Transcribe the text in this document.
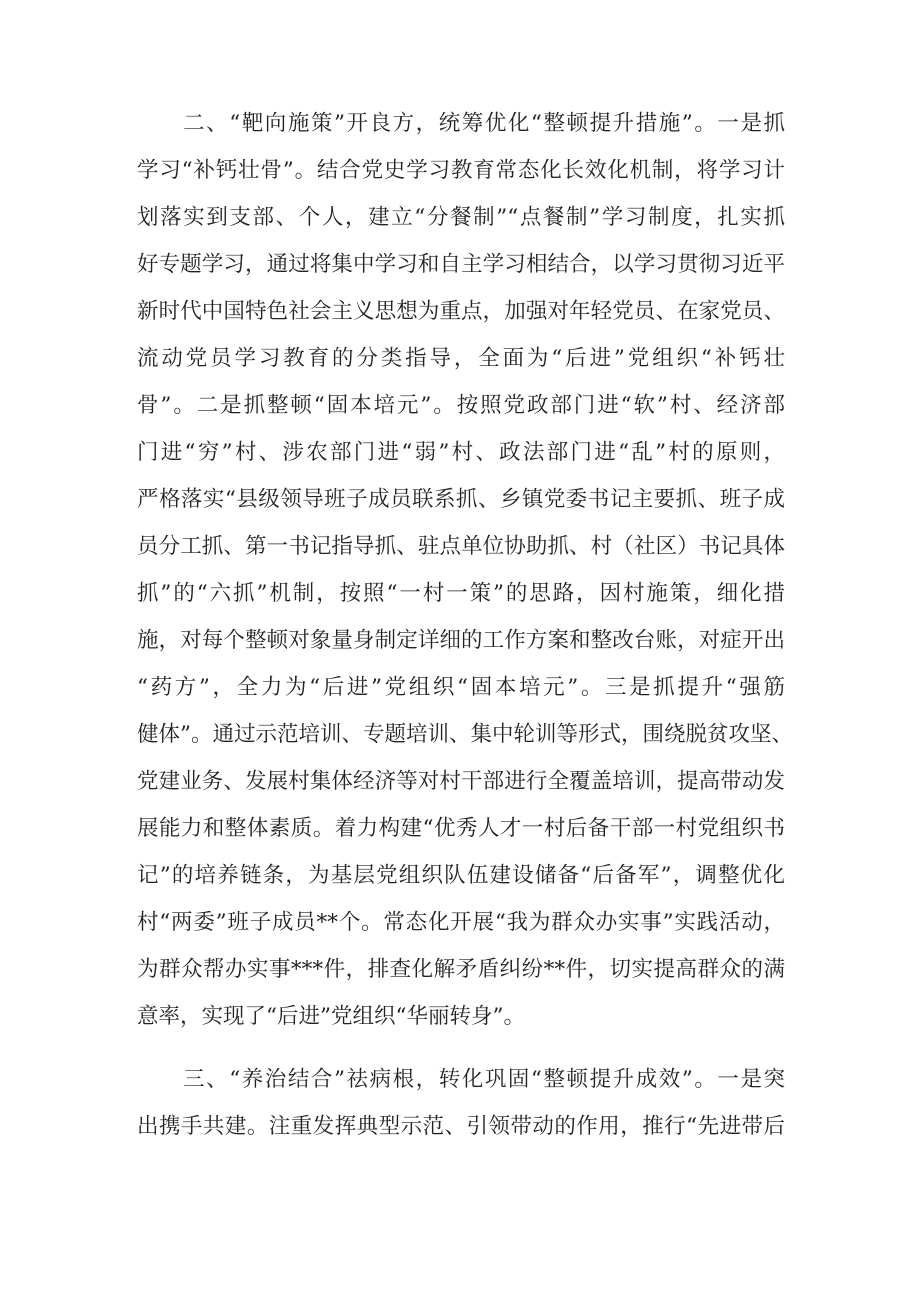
　　二、“靶向施策”开良方，统筹优化“整顿提升措施”。一是抓
学习“补钙壮骨”。结合党史学习教育常态化长效化机制，将学习计
划落实到支部、个人，建立“分餐制”“点餐制”学习制度，扎实抓
好专题学习，通过将集中学习和自主学习相结合，以学习贯彻习近平
新时代中国特色社会主义思想为重点，加强对年轻党员、在家党员、
流动党员学习教育的分类指导，全面为“后进”党组织“补钙壮
骨”。二是抓整顿“固本培元”。按照党政部门进“软”村、经济部
门进“穷”村、涉农部门进“弱”村、政法部门进“乱”村的原则，
严格落实“县级领导班子成员联系抓、乡镇党委书记主要抓、班子成
员分工抓、第一书记指导抓、驻点单位协助抓、村（社区）书记具体
抓”的“六抓”机制，按照“一村一策”的思路，因村施策，细化措
施，对每个整顿对象量身制定详细的工作方案和整改台账，对症开出
“药方”，全力为“后进”党组织“固本培元”。三是抓提升“强筋
健体”。通过示范培训、专题培训、集中轮训等形式，围绕脱贫攻坚、
党建业务、发展村集体经济等对村干部进行全覆盖培训，提高带动发
展能力和整体素质。着力构建“优秀人才一村后备干部一村党组织书
记”的培养链条，为基层党组织队伍建设储备“后备军”，调整优化
村“两委”班子成员**个。常态化开展“我为群众办实事”实践活动，
为群众帮办实事***件，排查化解矛盾纠纷**件，切实提高群众的满
意率，实现了“后进”党组织“华丽转身”。
　　三、“养治结合”祛病根，转化巩固“整顿提升成效”。一是突
出携手共建。注重发挥典型示范、引领带动的作用，推行“先进带后
